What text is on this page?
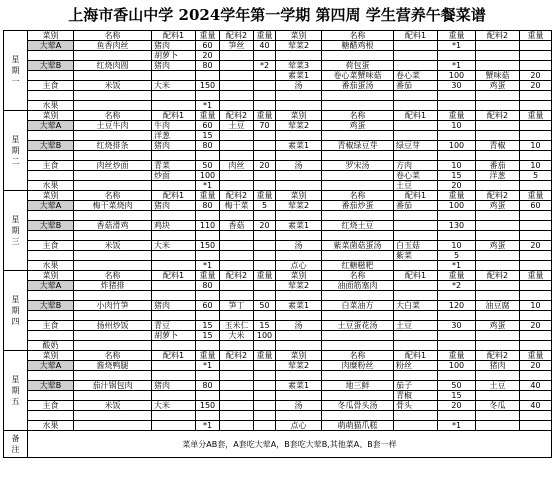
上海市香山中学 2024学年第一学期 第四周 学生营养午餐菜谱
星期一	菜别	名称	配料1	重量	配料2	重量	菜别	名称	配料1	重量	配料2	重量
	大荤A	鱼香肉丝	猪肉	60	笋丝	40	荤菜2	糖醋鸡根		*1		
			胡萝卜	20								
	大荤B	红烧肉圆	猪肉	80		*2	荤菜3	荷包蛋		*1		
							素菜1	卷心菜蟹味菇	卷心菜	100	蟹味菇	20
	主食	米饭	大米	150			汤	番茄蛋汤	番茄	30	鸡蛋	20

	水果			*1								
星期二	菜别	名称	配料1	重量	配料2	重量	菜别	名称	配料1	重量	配料2	重量
	大荤A	土豆牛肉	牛肉	60	土豆	70	荤菜2	鸡蛋		10		
			洋葱	15								
	大荤B	红烧排条	猪肉	80			素菜1	青椒绿豆芽	绿豆芽	100	青椒	10

	主食	肉丝炒面	青菜	50	肉丝	20	汤	罗宋汤	方肉	10	番茄	10
			炒面	100					卷心菜	15	洋葱	5
	水果			*1					土豆	20		
星期三	菜别	名称	配料1	重量	配料2	重量	菜别	名称	配料1	重量	配料2	重量
	大荤A	梅干菜烧肉	猪肉	80	梅干菜	5	荤菜2	番茄炒蛋	番茄	100	鸡蛋	60

	大荤B	香菇滑鸡	鸡块	110	香菇	20	素菜1	红烧土豆		130		

	主食	米饭	大米	150			汤	紫菜菌菇蛋汤	白玉菇	10	鸡蛋	20
									紫菜	5		
	水果			*1			点心	红糖糍粑		*1		
星期四	菜别	名称	配料1	重量	配料2	重量	菜别	名称	配料1	重量	配料2	重量
	大荤A	炸猪排		80			荤菜2	油面筋塞肉		*2		

	大荤B	小肉竹笋	猪肉	60	笋丁	50	素菜1	白菜油方	大白菜	120	油豆腐	10

	主食	扬州炒饭	青豆	15	玉米仁	15	汤	土豆蛋花汤	土豆	30	鸡蛋	20
			胡萝卜	15	大米	100						
	酸奶											
星期五	菜别	名称	配料1	重量	配料2	重量	菜别	名称	配料1	重量	配料2	重量
	大荤A	酱烧鸭腿		*1			荤菜2	肉糜粉丝	粉丝	100	猪肉	20

	大荤B	茄汁锅包肉	猪肉	80			素菜1	地三鲜	茄子	50	土豆	40
									青椒	15		
	主食	米饭	大米	150			汤	冬瓜骨头汤	骨头	20	冬瓜	40

	水果			*1			点心	萌萌猫爪糕		*1		
备注	菜单分AB套，A套吃大荤A，B套吃大荤B,其他菜A、B套一样											
